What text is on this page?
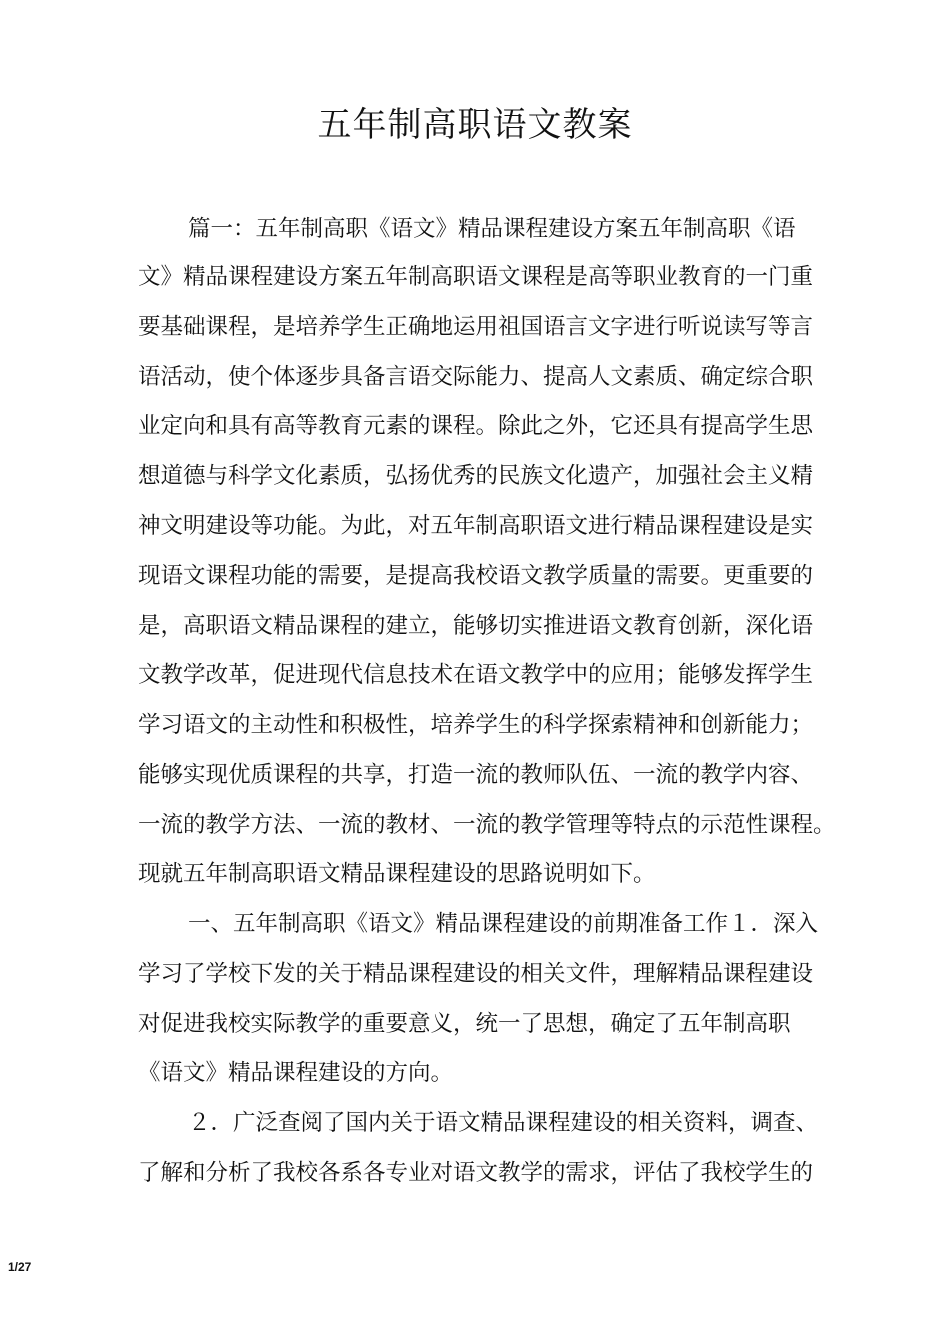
五年制高职语文教案
篇一：五年制高职《语文》精品课程建设方案五年制高职《语
文》精品课程建设方案五年制高职语文课程是高等职业教育的一门重
要基础课程，是培养学生正确地运用祖国语言文字进行听说读写等言
语活动，使个体逐步具备言语交际能力、提高人文素质、确定综合职
业定向和具有高等教育元素的课程。除此之外，它还具有提高学生思
想道德与科学文化素质，弘扬优秀的民族文化遗产，加强社会主义精
神文明建设等功能。为此，对五年制高职语文进行精品课程建设是实
现语文课程功能的需要，是提高我校语文教学质量的需要。更重要的
是，高职语文精品课程的建立，能够切实推进语文教育创新，深化语
文教学改革，促进现代信息技术在语文教学中的应用；能够发挥学生
学习语文的主动性和积极性，培养学生的科学探索精神和创新能力；
能够实现优质课程的共享，打造一流的教师队伍、一流的教学内容、
一流的教学方法、一流的教材、一流的教学管理等特点的示范性课程。
现就五年制高职语文精品课程建设的思路说明如下。
一、五年制高职《语文》精品课程建设的前期准备工作１．深入
学习了学校下发的关于精品课程建设的相关文件，理解精品课程建设
对促进我校实际教学的重要意义，统一了思想，确定了五年制高职
《语文》精品课程建设的方向。
２．广泛查阅了国内关于语文精品课程建设的相关资料，调查、
了解和分析了我校各系各专业对语文教学的需求，评估了我校学生的
1/27
